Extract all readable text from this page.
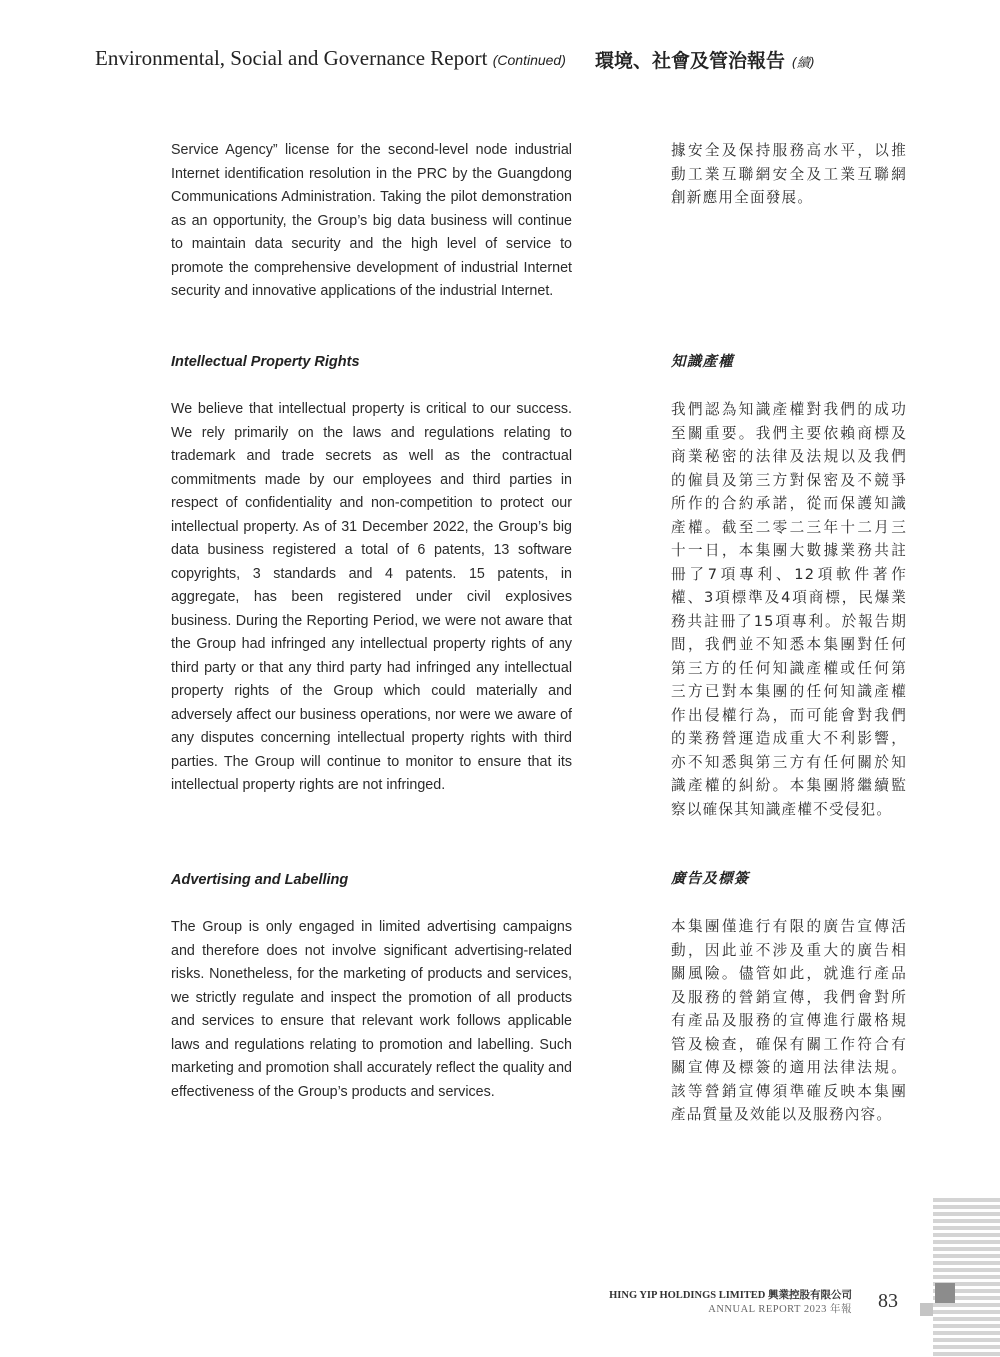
Environmental, Social and Governance Report (Continued) 環境、社會及管治報告 (續)

Service Agency” license for the second-level node industrial Internet identification resolution in the PRC by the Guangdong Communications Administration. Taking the pilot demonstration as an opportunity, the Group’s big data business will continue to maintain data security and the high level of service to promote the comprehensive development of industrial Internet security and innovative applications of the industrial Internet.

據安全及保持服務高水平，以推動工業互聯網安全及工業互聯網創新應用全面發展。

Intellectual Property Rights	知識產權

We believe that intellectual property is critical to our success. We rely primarily on the laws and regulations relating to trademark and trade secrets as well as the contractual commitments made by our employees and third parties in respect of confidentiality and non-competition to protect our intellectual property. As of 31 December 2022, the Group’s big data business registered a total of 6 patents, 13 software copyrights, 3 standards and 4 patents. 15 patents, in aggregate, has been registered under civil explosives business. During the Reporting Period, we were not aware that the Group had infringed any intellectual property rights of any third party or that any third party had infringed any intellectual property rights of the Group which could materially and adversely affect our business operations, nor were we aware of any disputes concerning intellectual property rights with third parties. The Group will continue to monitor to ensure that its intellectual property rights are not infringed.

我們認為知識產權對我們的成功至關重要。我們主要依賴商標及商業秘密的法律及法規以及我們的僱員及第三方對保密及不競爭所作的合約承諾，從而保護知識產權。截至二零二三年十二月三十一日，本集團大數據業務共註冊了7項專利、12項軟件著作權、3項標準及4項商標，民爆業務共註冊了15項專利。於報告期間，我們並不知悉本集團對任何第三方的任何知識產權或任何第三方已對本集團的任何知識產權作出侵權行為，而可能會對我們的業務營運造成重大不利影響，亦不知悉與第三方有任何關於知識產權的糾紛。本集團將繼續監察以確保其知識產權不受侵犯。

Advertising and Labelling	廣告及標簽

The Group is only engaged in limited advertising campaigns and therefore does not involve significant advertising-related risks. Nonetheless, for the marketing of products and services, we strictly regulate and inspect the promotion of all products and services to ensure that relevant work follows applicable laws and regulations relating to promotion and labelling. Such marketing and promotion shall accurately reflect the quality and effectiveness of the Group’s products and services.

本集團僅進行有限的廣告宣傳活動，因此並不涉及重大的廣告相關風險。儘管如此，就進行產品及服務的營銷宣傳，我們會對所有產品及服務的宣傳進行嚴格規管及檢查，確保有關工作符合有關宣傳及標簽的適用法律法規。該等營銷宣傳須準確反映本集團產品質量及效能以及服務內容。

HING YIP HOLDINGS LIMITED 興業控股有限公司
ANNUAL REPORT 2023 年報 83
